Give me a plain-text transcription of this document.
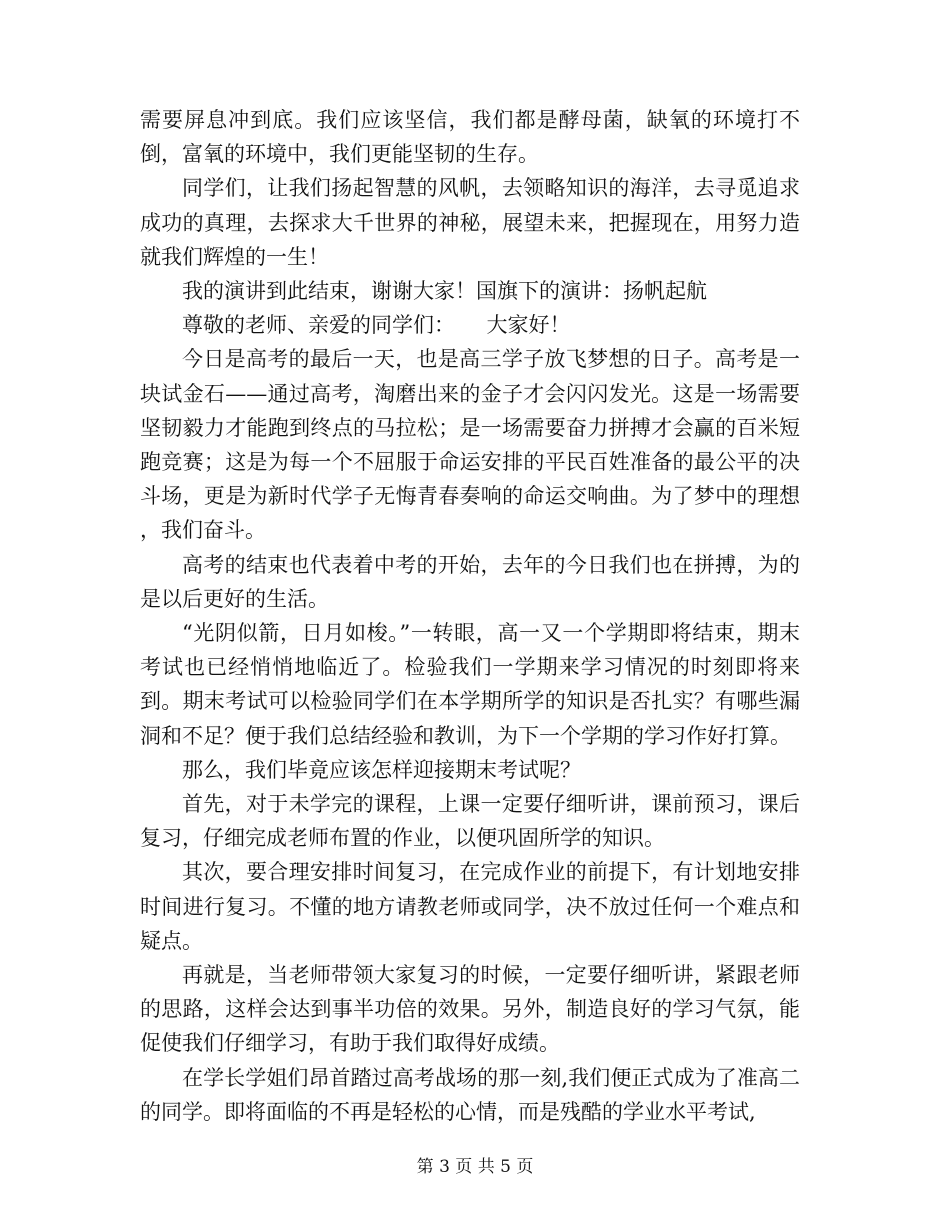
需要屏息冲到底。我们应该坚信，我们都是酵母菌，缺氧的环境打不倒，富氧的环境中，我们更能坚韧的生存。

同学们，让我们扬起智慧的风帆，去领略知识的海洋，去寻觅追求成功的真理，去探求大千世界的神秘，展望未来，把握现在，用努力造就我们辉煌的一生！

我的演讲到此结束，谢谢大家！国旗下的演讲：扬帆起航

尊敬的老师、亲爱的同学们：　　大家好！

今日是高考的最后一天，也是高三学子放飞梦想的日子。高考是一块试金石——通过高考，淘磨出来的金子才会闪闪发光。这是一场需要坚韧毅力才能跑到终点的马拉松；是一场需要奋力拼搏才会赢的百米短跑竞赛；这是为每一个不屈服于命运安排的平民百姓准备的最公平的决斗场，更是为新时代学子无悔青春奏响的命运交响曲。为了梦中的理想 ，我们奋斗。

高考的结束也代表着中考的开始，去年的今日我们也在拼搏，为的是以后更好的生活。

“光阴似箭，日月如梭。”一转眼，高一又一个学期即将结束，期末考试也已经悄悄地临近了。检验我们一学期来学习情况的时刻即将来到。期末考试可以检验同学们在本学期所学的知识是否扎实？有哪些漏洞和不足？便于我们总结经验和教训，为下一个学期的学习作好打算。

那么，我们毕竟应该怎样迎接期末考试呢？

首先，对于未学完的课程，上课一定要仔细听讲，课前预习，课后复习，仔细完成老师布置的作业，以便巩固所学的知识。

其次，要合理安排时间复习，在完成作业的前提下，有计划地安排时间进行复习。不懂的地方请教老师或同学，决不放过任何一个难点和疑点。

再就是，当老师带领大家复习的时候，一定要仔细听讲，紧跟老师的思路，这样会达到事半功倍的效果。另外，制造良好的学习气氛，能促使我们仔细学习，有助于我们取得好成绩。

在学长学姐们昂首踏过高考战场的那一刻,我们便正式成为了准高二的同学。即将面临的不再是轻松的心情，而是残酷的学业水平考试,

第 3 页 共 5 页
